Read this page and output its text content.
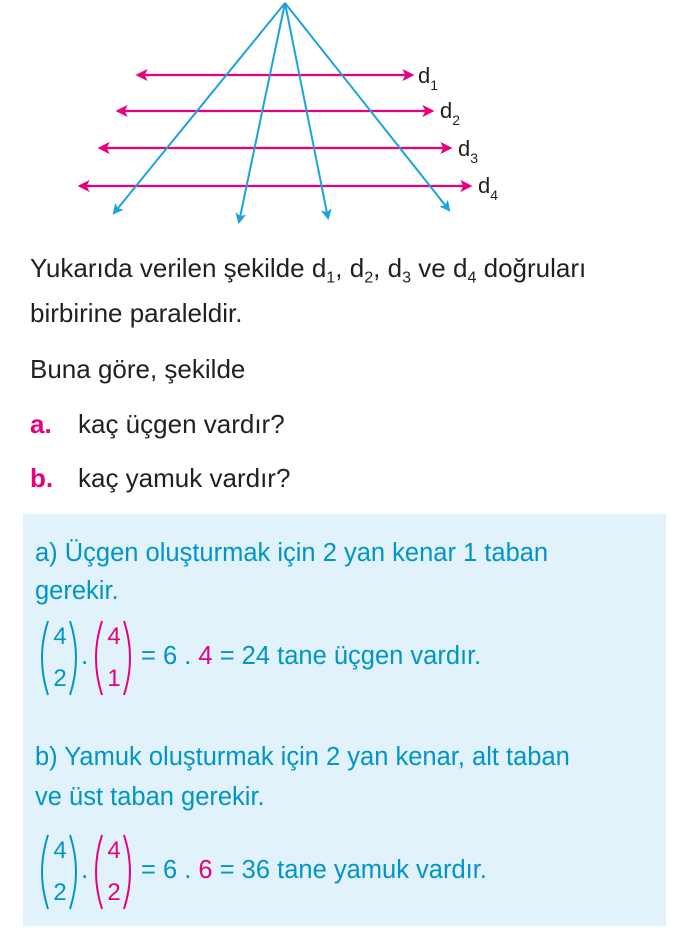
$d_1$
$d_2$
$d_3$
$d_4$
Yukarıda verilen şekilde $d_1$, $d_2$, $d_3$ ve $d_4$ doğruları
birbirine paraleldir.
Buna göre, şekilde
a. kaç üçgen vardır?
b. kaç yamuk vardır?
a) Üçgen oluşturmak için 2 yan kenar 1 taban
gerekir.
4
2
.
4
1
= 6 . 4 = 24 tane üçgen vardır.
b) Yamuk oluşturmak için 2 yan kenar, alt taban
ve üst taban gerekir.
4
2
.
4
2
= 6 . 6 = 36 tane yamuk vardır.
